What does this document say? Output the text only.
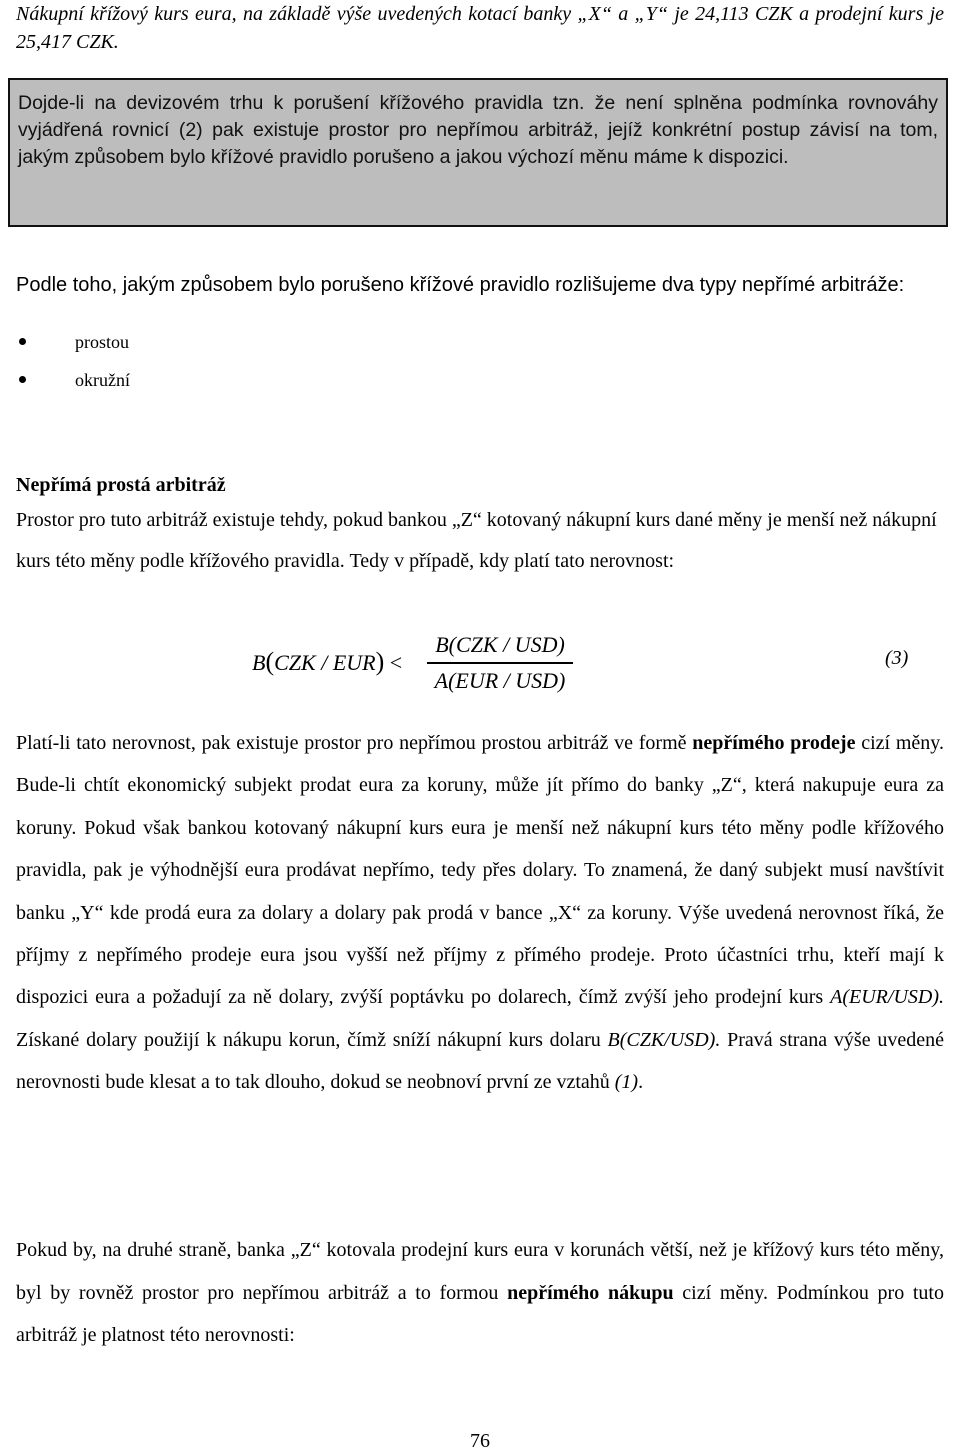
Nákupní křížový kurs eura, na základě výše uvedených kotací banky „X“ a „Y“ je 24,113 CZK a prodejní kurs je 25,417 CZK.

Dojde-li na devizovém trhu k porušení křížového pravidla tzn. že není splněna podmínka rovnováhy vyjádřená rovnicí (2) pak existuje prostor pro nepřímou arbitráž, jejíž konkrétní postup závisí na tom, jakým způsobem bylo křížové pravidlo porušeno a jakou výchozí měnu máme k dispozici.

Podle toho, jakým způsobem bylo porušeno křížové pravidlo rozlišujeme dva typy nepřímé arbitráže:

prostou
okružní
Nepřímá prostá arbitráž

Prostor pro tuto arbitráž existuje tehdy, pokud bankou „Z“ kotovaný nákupní kurs dané měny je menší než nákupní kurs této měny podle křížového pravidla. Tedy v případě, kdy platí tato nerovnost:

B(CZK / EUR) <
B(CZK / USD)
A(EUR / USD)
(3)

Platí-li tato nerovnost, pak existuje prostor pro nepřímou prostou arbitráž ve formě nepřímého prodeje cizí měny. Bude-li chtít ekonomický subjekt prodat eura za koruny, může jít přímo do banky „Z“, která nakupuje eura za koruny. Pokud však bankou kotovaný nákupní kurs eura je menší než nákupní kurs této měny podle křížového pravidla, pak je výhodnější eura prodávat nepřímo, tedy přes dolary. To znamená, že daný subjekt musí navštívit banku „Y“ kde prodá eura za dolary a dolary pak prodá v bance „X“ za koruny. Výše uvedená nerovnost říká, že příjmy z nepřímého prodeje eura jsou vyšší než příjmy z přímého prodeje. Proto účastníci trhu, kteří mají k dispozici eura a požadují za ně dolary, zvýší poptávku po dolarech, čímž zvýší jeho prodejní kurs A(EUR/USD). Získané dolary použijí k nákupu korun, čímž sníží nákupní kurs dolaru B(CZK/USD). Pravá strana výše uvedené nerovnosti bude klesat a to tak dlouho, dokud se neobnoví první ze vztahů (1).

Pokud by, na druhé straně, banka „Z“ kotovala prodejní kurs eura v korunách větší, než je křížový kurs této měny, byl by rovněž prostor pro nepřímou arbitráž a to formou nepřímého nákupu cizí měny. Podmínkou pro tuto arbitráž je platnost této nerovnosti:

76
